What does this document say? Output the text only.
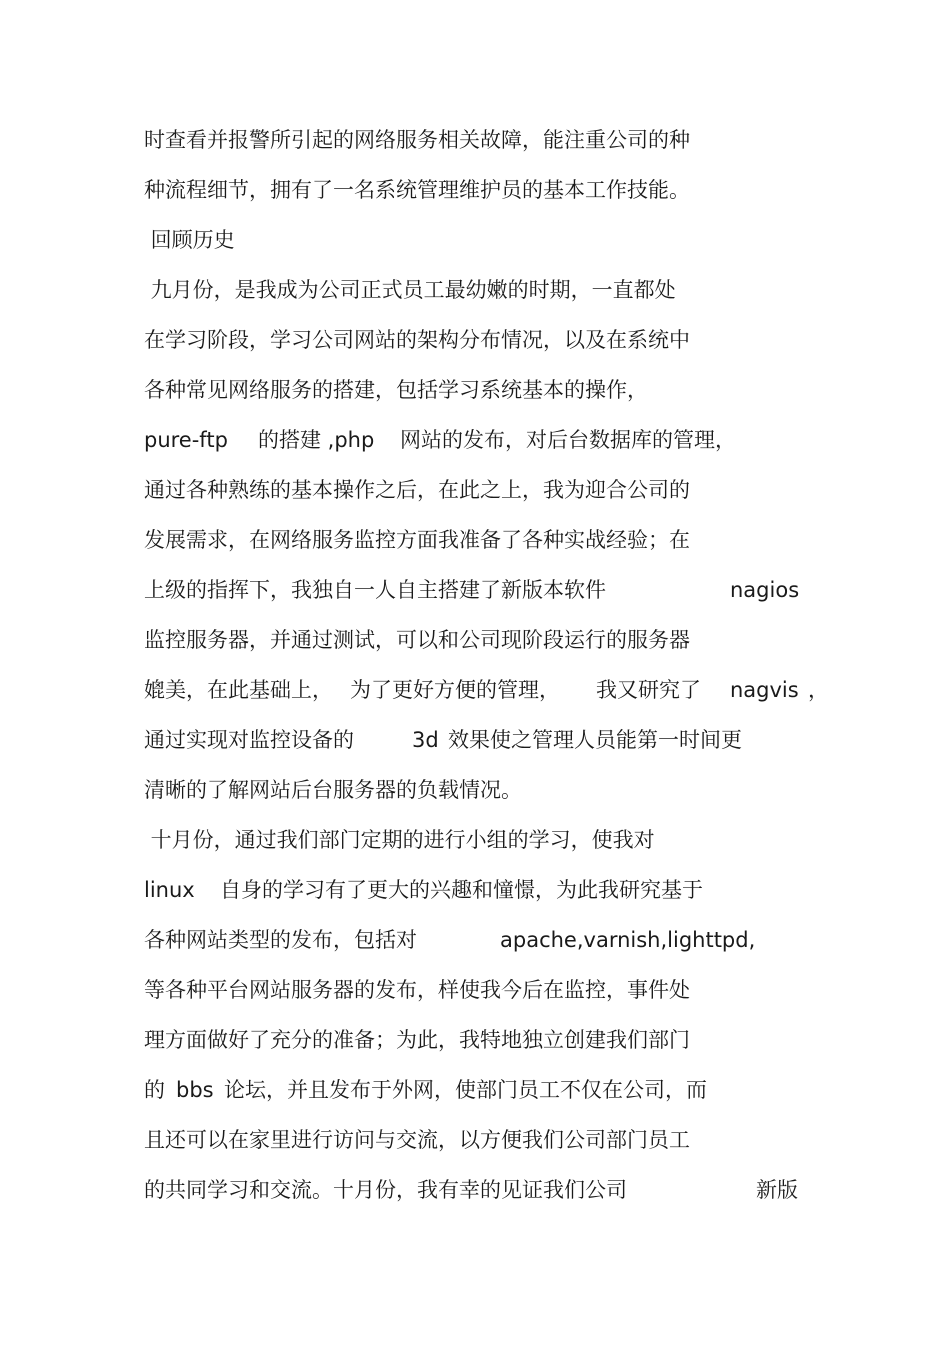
时查看并报警所引起的网络服务相关故障，能注重公司的种
种流程细节，拥有了一名系统管理维护员的基本工作技能。
回顾历史
九月份，是我成为公司正式员工最幼嫩的时期，一直都处
在学习阶段，学习公司网站的架构分布情况，以及在系统中
各种常见网络服务的搭建，包括学习系统基本的操作，

pure-ftp

的搭建 ,php

网站的发布，对后台数据库的管理，

通过各种熟练的基本操作之后，在此之上，我为迎合公司的
发展需求，在网络服务监控方面我准备了各种实战经验；在

上级的指挥下，我独自一人自主搭建了新版本软件

	nagios

监控服务器，并通过测试，可以和公司现阶段运行的服务器

媲美，在此基础上，

为了更好方便的管理，

我又研究了

nagvis

，

通过实现对监控设备的

	3d

效果使之管理人员能第一时间更

清晰的了解网站后台服务器的负载情况。
十月份，通过我们部门定期的进行小组的学习，使我对

linux

自身的学习有了更大的兴趣和憧憬，为此我研究基于

各种网站类型的发布，包括对

	apache,varnish,lighttpd,

等各种平台网站服务器的发布，样使我今后在监控，事件处
理方面做好了充分的准备；为此，我特地独立创建我们部门

的

bbs

论坛，并且发布于外网，使部门员工不仅在公司，而

且还可以在家里进行访问与交流，以方便我们公司部门员工

的共同学习和交流。十月份，我有幸的见证我们公司

	新版
